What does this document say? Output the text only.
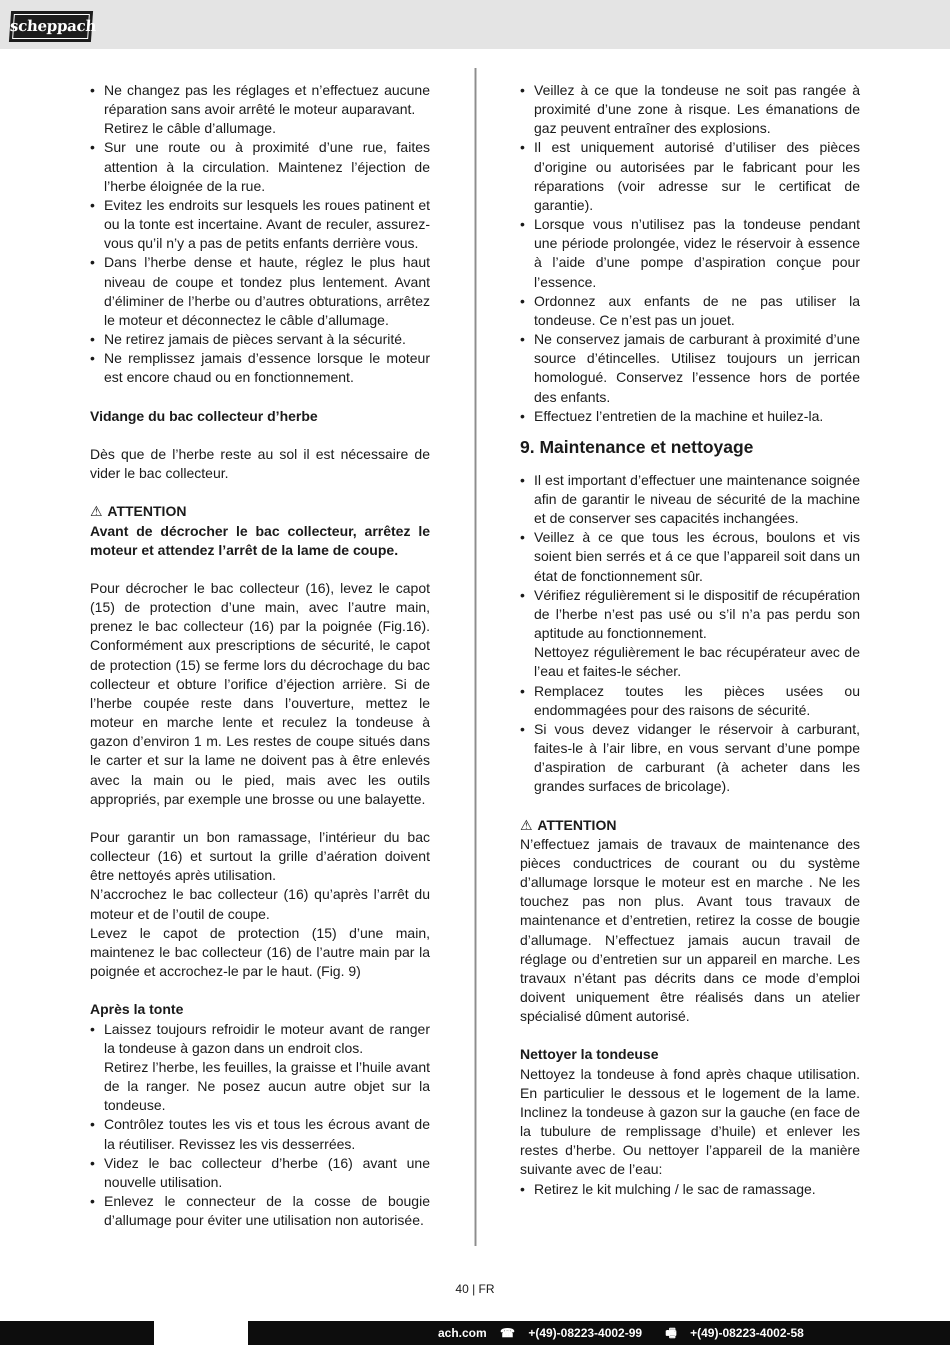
scheppach
• Ne changez pas les réglages et n’effectuez aucune réparation sans avoir arrêté le moteur auparavant.
Retirez le câble d’allumage.
• Sur une route ou à proximité d’une rue, faites attention à la circulation. Maintenez l’éjection de l’herbe éloignée de la rue.
• Evitez les endroits sur lesquels les roues patinent et ou la tonte est incertaine. Avant de reculer, assurez-vous qu’il n’y a pas de petits enfants derrière vous.
• Dans l’herbe dense et haute, réglez le plus haut niveau de coupe et tondez plus lentement. Avant d’éliminer de l’herbe ou d’autres obturations, arrêtez le moteur et déconnectez le câble d’allumage.
• Ne retirez jamais de pièces servant à la sécurité.
• Ne remplissez jamais d’essence lorsque le moteur est encore chaud ou en fonctionnement.

Vidange du bac collecteur d’herbe

Dès que de l’herbe reste au sol il est nécessaire de vider le bac collecteur.

⚠ ATTENTION

Avant de décrocher le bac collecteur, arrêtez le moteur et attendez l’arrêt de la lame de coupe.

Pour décrocher le bac collecteur (16), levez le capot (15) de protection d’une main, avec l’autre main, prenez le bac collecteur (16) par la poignée (Fig.16). Conformément aux prescriptions de sécurité, le capot de protection (15) se ferme lors du décrochage du bac collecteur et obture l’orifice d’éjection arrière. Si de l’herbe coupée reste dans l’ouverture, mettez le moteur en marche lente et reculez la tondeuse à gazon d’environ 1 m. Les restes de coupe situés dans le carter et sur la lame ne doivent pas à être enlevés avec la main ou le pied, mais avec les outils appropriés, par exemple une brosse ou une balayette.

Pour garantir un bon ramassage, l’intérieur du bac collecteur (16) et surtout la grille d’aération doivent être nettoyés après utilisation.

N’accrochez le bac collecteur (16) qu’après l’arrêt du moteur et de l’outil de coupe.

Levez le capot de protection (15) d’une main, maintenez le bac collecteur (16) de l’autre main par la poignée et accrochez-le par le haut. (Fig. 9)

Après la tonte

• Laissez toujours refroidir le moteur avant de ranger la tondeuse à gazon dans un endroit clos.
Retirez l’herbe, les feuilles, la graisse et l’huile avant de la ranger. Ne posez aucun autre objet sur la tondeuse.
• Contrôlez toutes les vis et tous les écrous avant de la réutiliser. Revissez les vis desserrées.
• Videz le bac collecteur d’herbe (16) avant une nouvelle utilisation.
• Enlevez le connecteur de la cosse de bougie d’allumage pour éviter une utilisation non autorisée.
• Veillez à ce que la tondeuse ne soit pas rangée à proximité d’une zone à risque. Les émanations de gaz peuvent entraîner des explosions.
• Il est uniquement autorisé d’utiliser des pièces d’origine ou autorisées par le fabricant pour les réparations (voir adresse sur le certificat de garantie).
• Lorsque vous n’utilisez pas la tondeuse pendant une période prolongée, videz le réservoir à essence à l’aide d’une pompe d’aspiration conçue pour l’essence.
• Ordonnez aux enfants de ne pas utiliser la tondeuse. Ce n’est pas un jouet.
• Ne conservez jamais de carburant à proximité d’une source d’étincelles. Utilisez toujours un jerrican homologué. Conservez l’essence hors de portée des enfants.
• Effectuez l’entretien de la machine et huilez-la.
9. Maintenance et nettoyage
• Il est important d’effectuer une maintenance soignée afin de garantir le niveau de sécurité de la machine et de conserver ses capacités inchangées.
• Veillez à ce que tous les écrous, boulons et vis soient bien serrés et á ce que l’appareil soit dans un état de fonctionnement sûr.
• Vérifiez régulièrement si le dispositif de récupération de l’herbe n’est pas usé ou s’il n’a pas perdu son aptitude au fonctionnement.
Nettoyez régulièrement le bac récupérateur avec de l’eau et faites-le sécher.
• Remplacez toutes les pièces usées ou endommagées pour des raisons de sécurité.
• Si vous devez vidanger le réservoir à carburant, faites-le à l’air libre, en vous servant d’une pompe d’aspiration de carburant (à acheter dans les grandes surfaces de bricolage).

⚠ ATTENTION

N’effectuez jamais de travaux de maintenance des pièces conductrices de courant ou du système d’allumage lorsque le moteur est en marche . Ne les touchez pas non plus. Avant tous travaux de maintenance et d’entretien, retirez la cosse de bougie d’allumage. N’effectuez jamais aucun travail de réglage ou d’entretien sur un appareil en marche. Les travaux n’étant pas décrits dans ce mode d’emploi doivent uniquement être réalisés dans un atelier spécialisé dûment autorisé.

Nettoyer la tondeuse

Nettoyez la tondeuse à fond après chaque utilisation. En particulier le dessous et le logement de la lame. Inclinez la tondeuse à gazon sur la gauche (en face de la tubulure de remplissage d’huile) et enlever les restes d’herbe. Ou nettoyer l’appareil de la manière suivante avec de l’eau:

• Retirez le kit mulching / le sac de ramassage.
40 | FR
ach.com ☎ +(49)-08223-4002-99 🖷 +(49)-08223-4002-58
